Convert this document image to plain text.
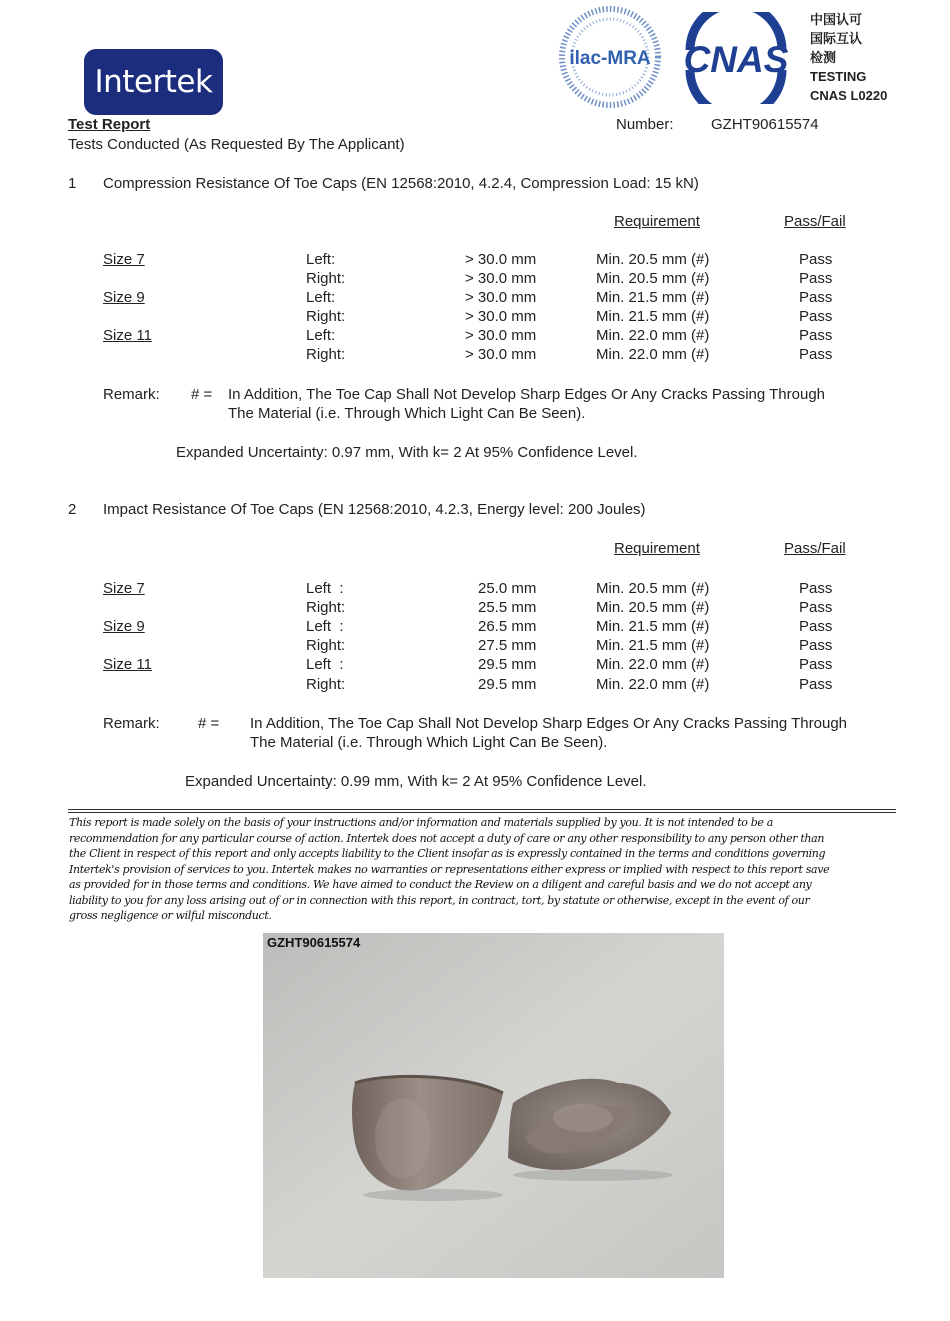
Intertek
ilac-MRA CNAS
中国认可
国际互认
检测
TESTING
CNAS L0220
Test Report	Number: GZHT90615574
Tests Conducted (As Requested By The Applicant)
1 Compression Resistance Of Toe Caps (EN 12568:2010, 4.2.4, Compression Load: 15 kN)
Requirement	Pass/Fail
Size 7	Left:	> 30.0 mm	Min. 20.5 mm (#)	Pass
Right:	> 30.0 mm	Min. 20.5 mm (#)	Pass
Size 9	Left:	> 30.0 mm	Min. 21.5 mm (#)	Pass
Right:	> 30.0 mm	Min. 21.5 mm (#)	Pass
Size 11	Left:	> 30.0 mm	Min. 22.0 mm (#)	Pass
Right:	> 30.0 mm	Min. 22.0 mm (#)	Pass
Remark: # = In Addition, The Toe Cap Shall Not Develop Sharp Edges Or Any Cracks Passing Through
The Material (i.e. Through Which Light Can Be Seen).
Expanded Uncertainty: 0.97 mm, With k= 2 At 95% Confidence Level.
2 Impact Resistance Of Toe Caps (EN 12568:2010, 4.2.3, Energy level: 200 Joules)
Requirement	Pass/Fail
Size 7	Left  :	25.0 mm	Min. 20.5 mm (#)	Pass
Right:	25.5 mm	Min. 20.5 mm (#)	Pass
Size 9	Left  :	26.5 mm	Min. 21.5 mm (#)	Pass
Right:	27.5 mm	Min. 21.5 mm (#)	Pass
Size 11	Left  :	29.5 mm	Min. 22.0 mm (#)	Pass
Right:	29.5 mm	Min. 22.0 mm (#)	Pass
Remark:	# = In Addition, The Toe Cap Shall Not Develop Sharp Edges Or Any Cracks Passing Through
The Material (i.e. Through Which Light Can Be Seen).
Expanded Uncertainty: 0.99 mm, With k= 2 At 95% Confidence Level.
This report is made solely on the basis of your instructions and/or information and materials supplied by you. It is not intended to be a
recommendation for any particular course of action. Intertek does not accept a duty of care or any other responsibility to any person other than
the Client in respect of this report and only accepts liability to the Client insofar as is expressly contained in the terms and conditions governing
Intertek's provision of services to you. Intertek makes no warranties or representations either express or implied with respect to this report save
as provided for in those terms and conditions. We have aimed to conduct the Review on a diligent and careful basis and we do not accept any
liability to you for any loss arising out of or in connection with this report, in contract, tort, by statute or otherwise, except in the event of our
gross negligence or wilful misconduct.
GZHT90615574
